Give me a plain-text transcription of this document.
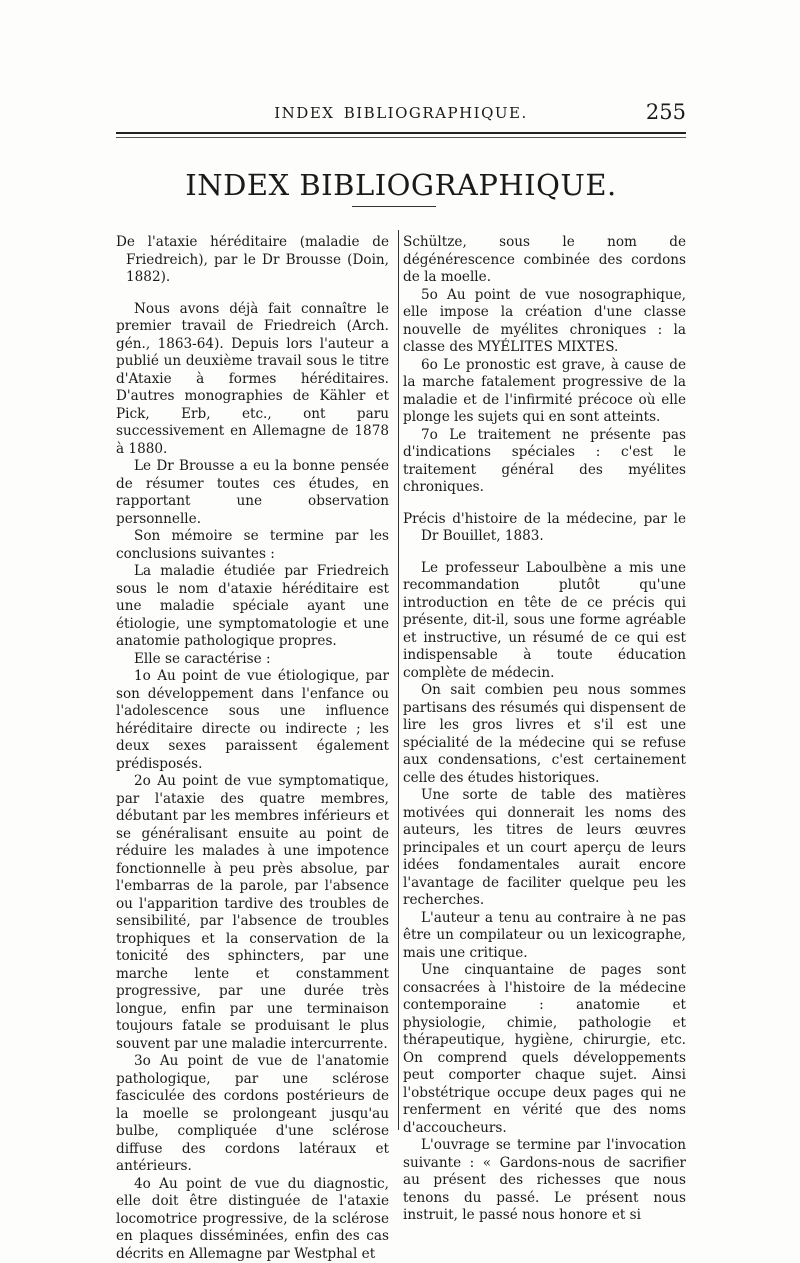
INDEX BIBLIOGRAPHIQUE.	255
INDEX BIBLIOGRAPHIQUE.

De l'ataxie héréditaire (maladie de Friedreich), par le Dr Brousse (Doin, 1882).

Nous avons déjà fait connaître le premier travail de Friedreich (Arch. gén., 1863-64). Depuis lors l'auteur a publié un deuxième travail sous le titre d'Ataxie à formes héréditaires. D'autres monographies de Kähler et Pick, Erb, etc., ont paru successivement en Allemagne de 1878 à 1880.

Le Dr Brousse a eu la bonne pensée de résumer toutes ces études, en rapportant une observation personnelle.

Son mémoire se termine par les conclusions suivantes :

La maladie étudiée par Friedreich sous le nom d'ataxie héréditaire est une maladie spéciale ayant une étiologie, une symptomatologie et une anatomie pathologique propres.

Elle se caractérise :

1o Au point de vue étiologique, par son développement dans l'enfance ou l'adolescence sous une influence héréditaire directe ou indirecte ; les deux sexes paraissent également prédisposés.

2o Au point de vue symptomatique, par l'ataxie des quatre membres, débutant par les membres inférieurs et se généralisant ensuite au point de réduire les malades à une impotence fonctionnelle à peu près absolue, par l'embarras de la parole, par l'absence ou l'apparition tardive des troubles de sensibilité, par l'absence de troubles trophiques et la conservation de la tonicité des sphincters, par une marche lente et constamment progressive, par une durée très longue, enfin par une terminaison toujours fatale se produisant le plus souvent par une maladie intercurrente.

3o Au point de vue de l'anatomie pathologique, par une sclérose fasciculée des cordons postérieurs de la moelle se prolongeant jusqu'au bulbe, compliquée d'une sclérose diffuse des cordons latéraux et antérieurs.

4o Au point de vue du diagnostic, elle doit être distinguée de l'ataxie locomotrice progressive, de la sclérose en plaques disséminées, enfin des cas décrits en Allemagne par Westphal et

Schültze, sous le nom de dégénérescence combinée des cordons de la moelle.

5o Au point de vue nosographique, elle impose la création d'une classe nouvelle de myélites chroniques : la classe des MYÉLITES MIXTES.

6o Le pronostic est grave, à cause de la marche fatalement progressive de la maladie et de l'infirmité précoce où elle plonge les sujets qui en sont atteints.

7o Le traitement ne présente pas d'indications spéciales : c'est le traitement général des myélites chroniques.

Précis d'histoire de la médecine, par le Dr Bouillet, 1883.

Le professeur Laboulbène a mis une recommandation plutôt qu'une introduction en tête de ce précis qui présente, dit-il, sous une forme agréable et instructive, un résumé de ce qui est indispensable à toute éducation complète de médecin.

On sait combien peu nous sommes partisans des résumés qui dispensent de lire les gros livres et s'il est une spécialité de la médecine qui se refuse aux condensations, c'est certainement celle des études historiques.

Une sorte de table des matières motivées qui donnerait les noms des auteurs, les titres de leurs œuvres principales et un court aperçu de leurs idées fondamentales aurait encore l'avantage de faciliter quelque peu les recherches.

L'auteur a tenu au contraire à ne pas être un compilateur ou un lexicographe, mais une critique.

Une cinquantaine de pages sont consacrées à l'histoire de la médecine contemporaine : anatomie et physiologie, chimie, pathologie et thérapeutique, hygiène, chirurgie, etc. On comprend quels développements peut comporter chaque sujet. Ainsi l'obstétrique occupe deux pages qui ne renferment en vérité que des noms d'accoucheurs.

L'ouvrage se termine par l'invocation suivante : « Gardons-nous de sacrifier au présent des richesses que nous tenons du passé. Le présent nous instruit, le passé nous honore et si
